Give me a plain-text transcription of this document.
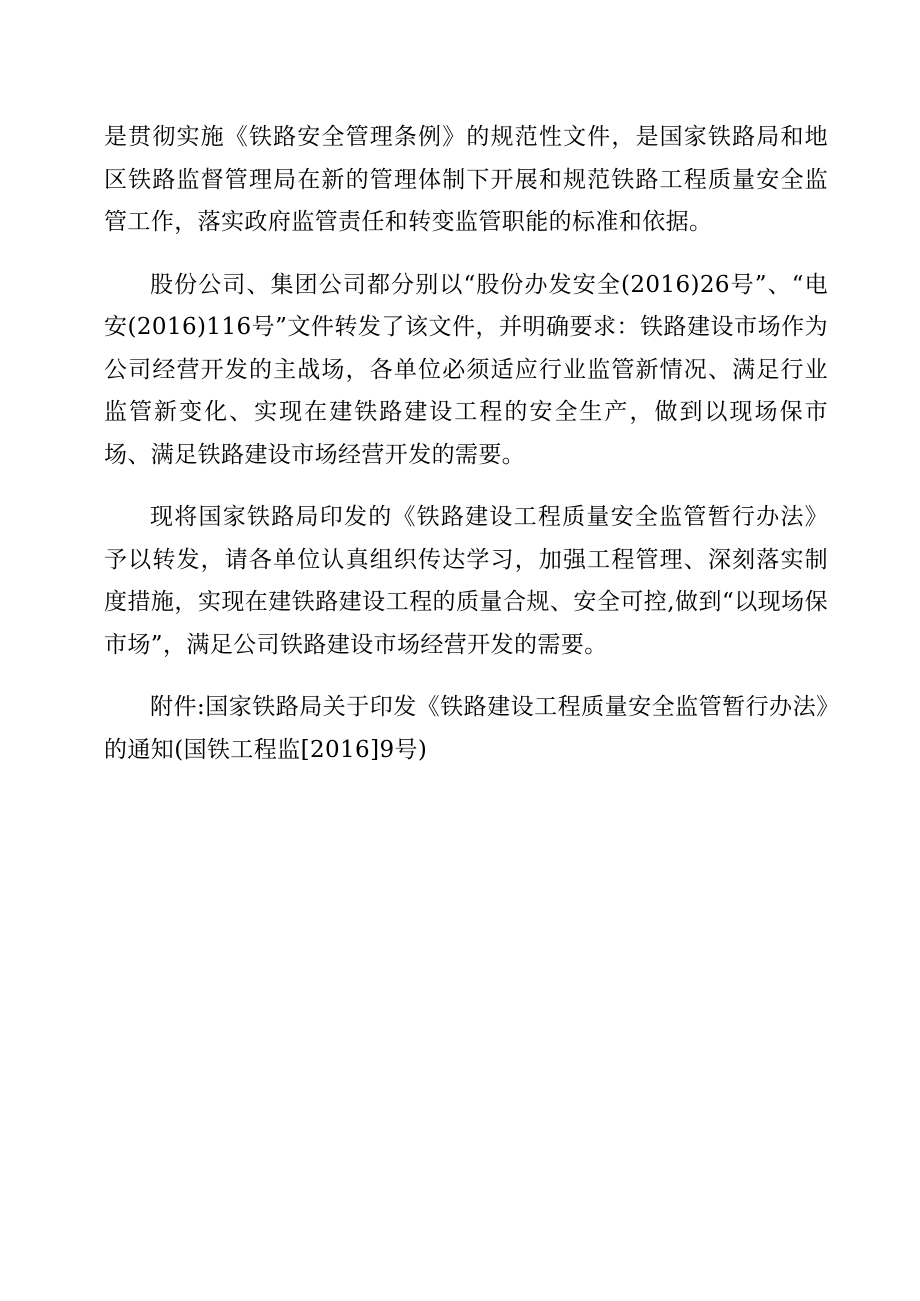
是贯彻实施《铁路安全管理条例》的规范性文件，是国家铁路局和地区铁路监督管理局在新的管理体制下开展和规范铁路工程质量安全监管工作，落实政府监管责任和转变监管职能的标准和依据。

股份公司、集团公司都分别以“股份办发安全(2016)26号”、“电安(2016)116号”文件转发了该文件，并明确要求：铁路建设市场作为公司经营开发的主战场，各单位必须适应行业监管新情况、满足行业监管新变化、实现在建铁路建设工程的安全生产，做到以现场保市场、满足铁路建设市场经营开发的需要。

现将国家铁路局印发的《铁路建设工程质量安全监管暂行办法》予以转发，请各单位认真组织传达学习，加强工程管理、深刻落实制度措施，实现在建铁路建设工程的质量合规、安全可控,做到“以现场保市场”，满足公司铁路建设市场经营开发的需要。

附件:国家铁路局关于印发《铁路建设工程质量安全监管暂行办法》的通知(国铁工程监[2016]9号)
